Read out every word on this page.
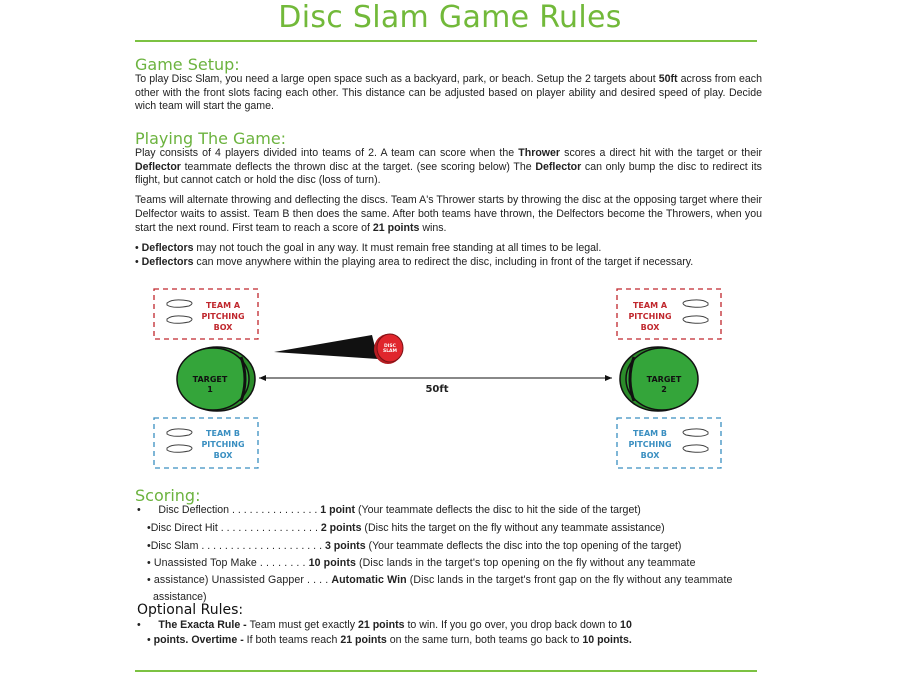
Disc Slam Game Rules
Game Setup:
To play Disc Slam, you need a large open space such as a backyard, park, or beach. Setup the 2 targets about 50ft across from each other with the front slots facing each other. This distance can be adjusted based on player ability and desired speed of play. Decide wich team will start the game.
Playing The Game:
Play consists of 4 players divided into teams of 2. A team can score when the Thrower scores a direct hit with the target or their Deflector teammate deflects the thrown disc at the target. (see scoring below) The Deflector can only bump the disc to redirect its flight, but cannot catch or hold the disc (loss of turn).
Teams will alternate throwing and deflecting the discs. Team A's Thrower starts by throwing the disc at the opposing target where their Delfector waits to assist. Team B then does the same. After both teams have thrown, the Delfectors become the Throwers, when you start the next round. First team to reach a score of 21 points wins.
• Deflectors may not touch the goal in any way. It must remain free standing at all times to be legal.
• Deflectors can move anywhere within the playing area to redirect the disc, including in front of the target if necessary.
TEAM A
PITCHING
BOX
TEAM A
PITCHING
BOX
TEAM B
PITCHING
BOX
TEAM B
PITCHING
BOX
TARGET
1
TARGET
2
50ft
DISC
SLAM
Scoring:
•      Disc Deflection . . . . . . . . . . . . . . . 1 point (Your teammate deflects the disc to hit the side of the target)
•Disc Direct Hit . . . . . . . . . . . . . . . . . 2 points (Disc hits the target on the fly without any teammate assistance)
•Disc Slam . . . . . . . . . . . . . . . . . . . . . 3 points (Your teammate deflects the disc into the top opening of the target)
• Unassisted Top Make . . . . . . . . 10 points (Disc lands in the target's top opening on the fly without any teammate
• assistance) Unassisted Gapper . . . . Automatic Win (Disc lands in the target's front gap on the fly without any teammate
assistance)
Optional Rules:
•      The Exacta Rule - Team must get exactly 21 points to win. If you go over, you drop back down to 10
• points. Overtime - If both teams reach 21 points on the same turn, both teams go back to 10 points.
